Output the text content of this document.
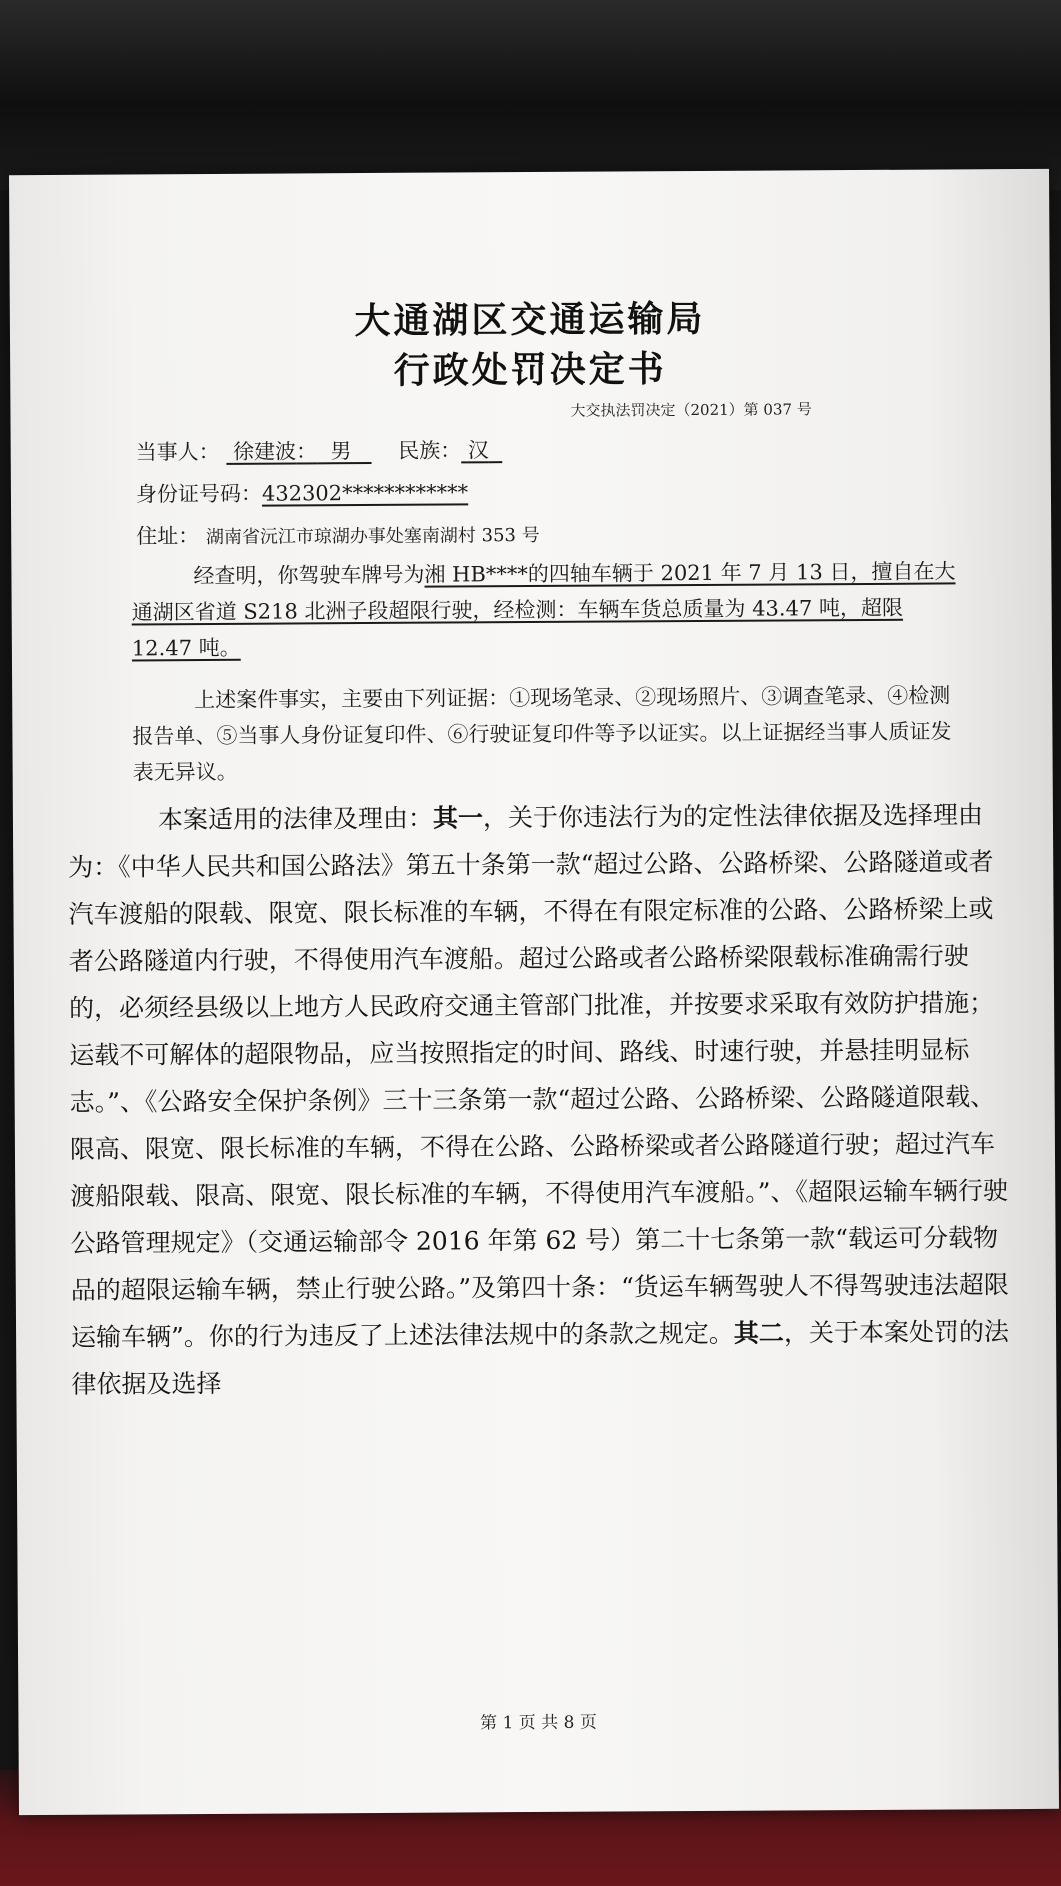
大通湖区交通运输局
行政处罚决定书
大交执法罚决定（2021）第 037 号
当事人： 徐建波： 男 民族： 汉
身份证号码：432302************
住址： 湖南省沅江市琼湖办事处塞南湖村 353 号
经查明，你驾驶车牌号为湘 HB****的四轴车辆于 2021 年 7 月 13 日，擅自在大通湖区省道 S218 北洲子段超限行驶，经检测：车辆车货总质量为 43.47 吨，超限 12.47 吨。
上述案件事实，主要由下列证据：①现场笔录、②现场照片、③调查笔录、④检测报告单、⑤当事人身份证复印件、⑥行驶证复印件等予以证实。以上证据经当事人质证发表无异议。
本案适用的法律及理由：其一，关于你违法行为的定性法律依据及选择理由为：《中华人民共和国公路法》第五十条第一款“超过公路、公路桥梁、公路隧道或者汽车渡船的限载、限宽、限长标准的车辆，不得在有限定标准的公路、公路桥梁上或者公路隧道内行驶，不得使用汽车渡船。超过公路或者公路桥梁限载标准确需行驶的，必须经县级以上地方人民政府交通主管部门批准，并按要求采取有效防护措施；运载不可解体的超限物品，应当按照指定的时间、路线、时速行驶，并悬挂明显标志。”、《公路安全保护条例》三十三条第一款“超过公路、公路桥梁、公路隧道限载、限高、限宽、限长标准的车辆，不得在公路、公路桥梁或者公路隧道行驶；超过汽车渡船限载、限高、限宽、限长标准的车辆，不得使用汽车渡船。”、《超限运输车辆行驶公路管理规定》（交通运输部令 2016 年第 62 号）第二十七条第一款“载运可分载物品的超限运输车辆，禁止行驶公路。”及第四十条：“货运车辆驾驶人不得驾驶违法超限运输车辆”。你的行为违反了上述法律法规中的条款之规定。其二，关于本案处罚的法律依据及选择
第 1 页 共 8 页
